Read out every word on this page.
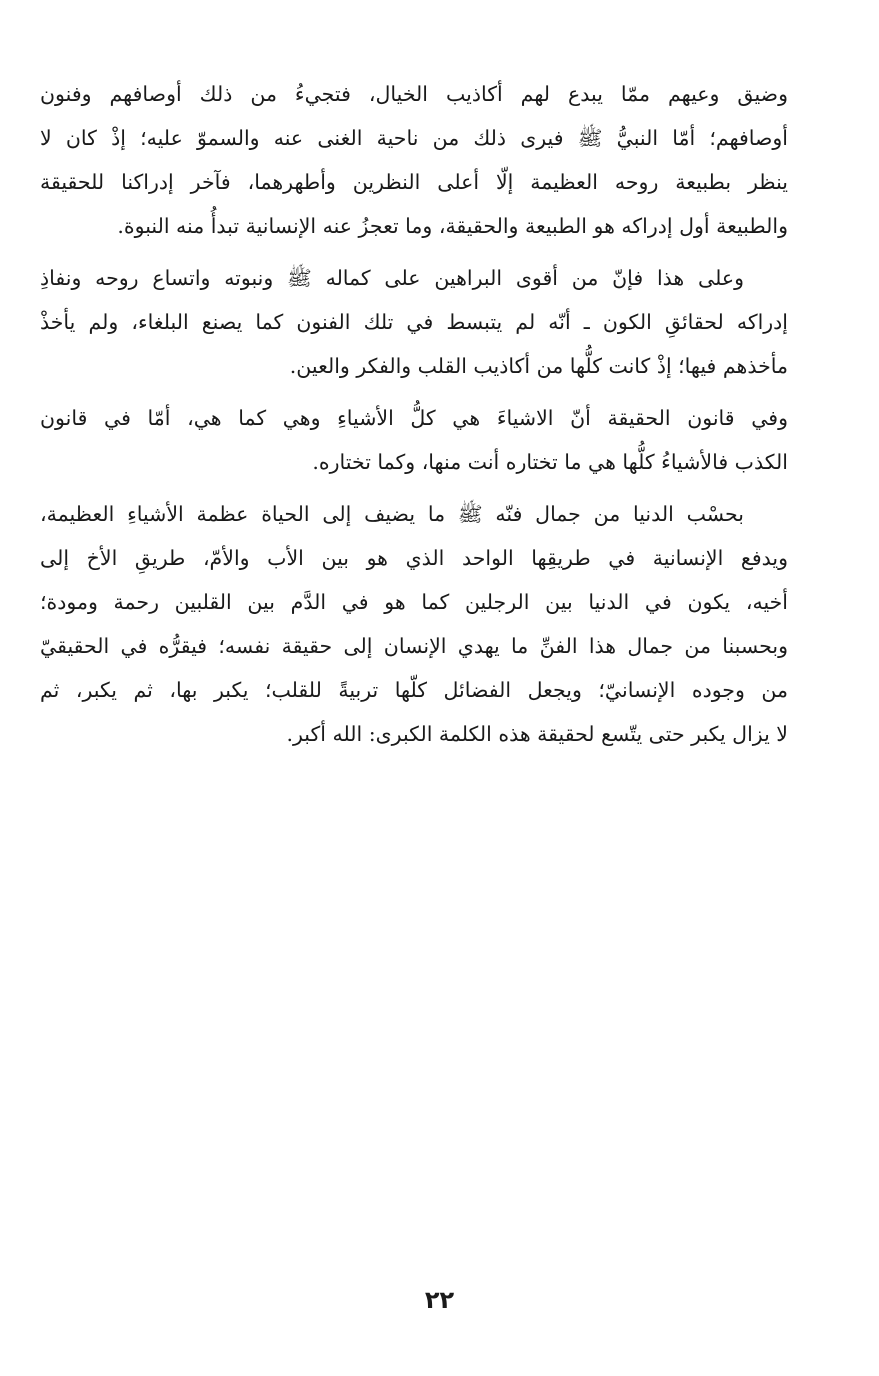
وضيق وعيهم ممّا يبدع لهم أكاذيب الخيال، فتجيءُ من ذلك أوصافهم وفنون
أوصافهم؛ أمّا النبيُّ ﷺ فيرى ذلك من ناحية الغنى عنه والسموّ عليه؛ إذْ كان لا
ينظر بطبيعة روحه العظيمة إلّا أعلى النظرين وأطهرهما، فآخر إدراكنا للحقيقة
والطبيعة أول إدراكه هو الطبيعة والحقيقة، وما تعجزُ عنه الإنسانية تبدأُ منه النبوة.
وعلى هذا فإنّ من أقوى البراهين على كماله ﷺ ونبوته واتساع روحه ونفاذِ
إدراكه لحقائقِ الكون ـ أنّه لم يتبسط في تلك الفنون كما يصنع البلغاء، ولم يأخذْ
مأخذهم فيها؛ إذْ كانت كلُّها من أكاذيب القلب والفكر والعين.
وفي قانون الحقيقة أنّ الاشياءَ هي كلُّ الأشياءِ وهي كما هي، أمّا في قانون
الكذب فالأشياءُ كلُّها هي ما تختاره أنت منها، وكما تختاره.
بحسْب الدنيا من جمال فنّه ﷺ ما يضيف إلى الحياة عظمة الأشياءِ العظيمة،
ويدفع الإنسانية في طريقِها الواحد الذي هو بين الأب والأمّ، طريقِ الأخ إلى
أخيه، يكون في الدنيا بين الرجلين كما هو في الدَّم بين القلبين رحمة ومودة؛
وبحسبنا من جمال هذا الفنِّ ما يهدي الإنسان إلى حقيقة نفسه؛ فيقرُّه في الحقيقيّ
من وجوده الإنسانيّ؛ ويجعل الفضائل كلّها تربيةً للقلب؛ يكبر بها، ثم يكبر، ثم
لا يزال يكبر حتى يتّسع لحقيقة هذه الكلمة الكبرى: الله أكبر.
٢٢
